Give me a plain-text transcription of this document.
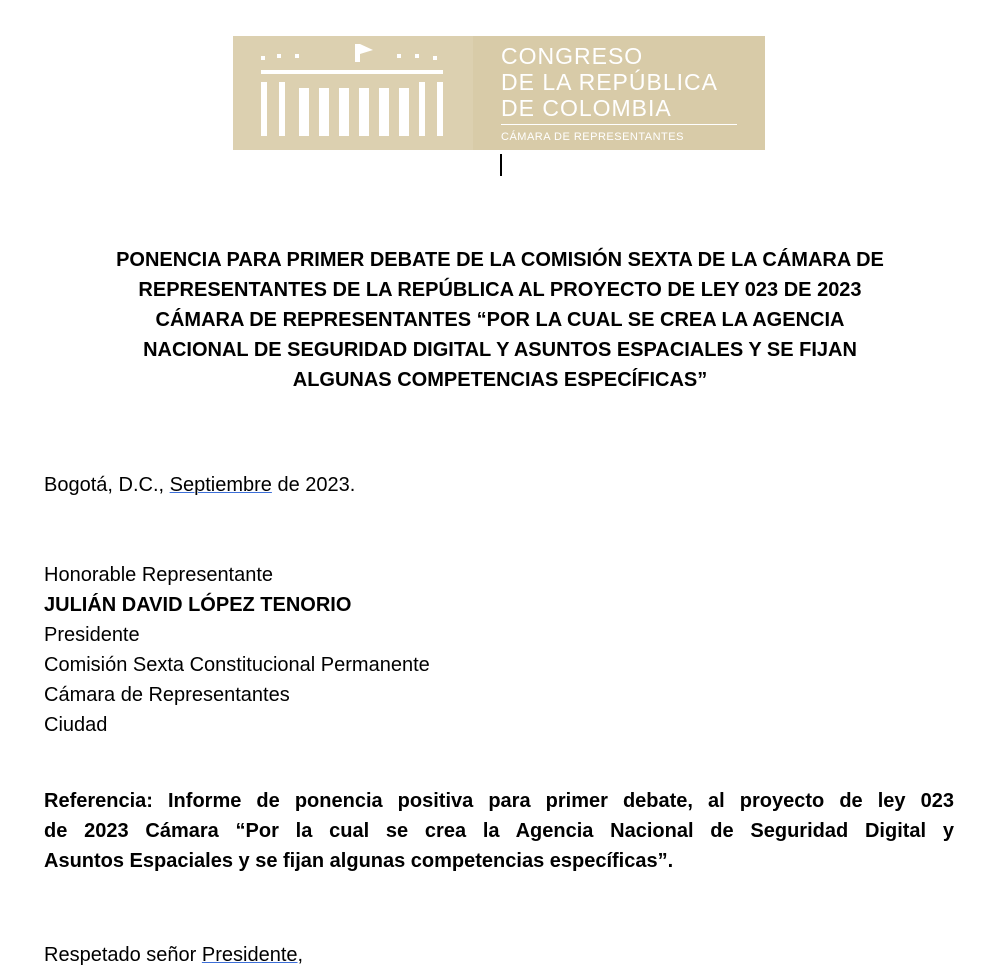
CONGRESO
DE LA REPÚBLICA
DE COLOMBIA
CÁMARA DE REPRESENTANTES
PONENCIA PARA PRIMER DEBATE DE LA COMISIÓN SEXTA DE LA CÁMARA DE
REPRESENTANTES DE LA REPÚBLICA AL PROYECTO DE LEY 023 DE 2023
CÁMARA DE REPRESENTANTES “POR LA CUAL SE CREA LA AGENCIA
NACIONAL DE SEGURIDAD DIGITAL Y ASUNTOS ESPACIALES Y SE FIJAN
ALGUNAS COMPETENCIAS ESPECÍFICAS”
Bogotá, D.C., Septiembre de 2023.
Honorable Representante
JULIÁN DAVID LÓPEZ TENORIO
Presidente
Comisión Sexta Constitucional Permanente
Cámara de Representantes
Ciudad
Referencia: Informe de ponencia positiva para primer debate, al proyecto de ley 023
de 2023 Cámara “Por la cual se crea la Agencia Nacional de Seguridad Digital y
Asuntos Espaciales y se fijan algunas competencias específicas”.
Respetado señor Presidente,
